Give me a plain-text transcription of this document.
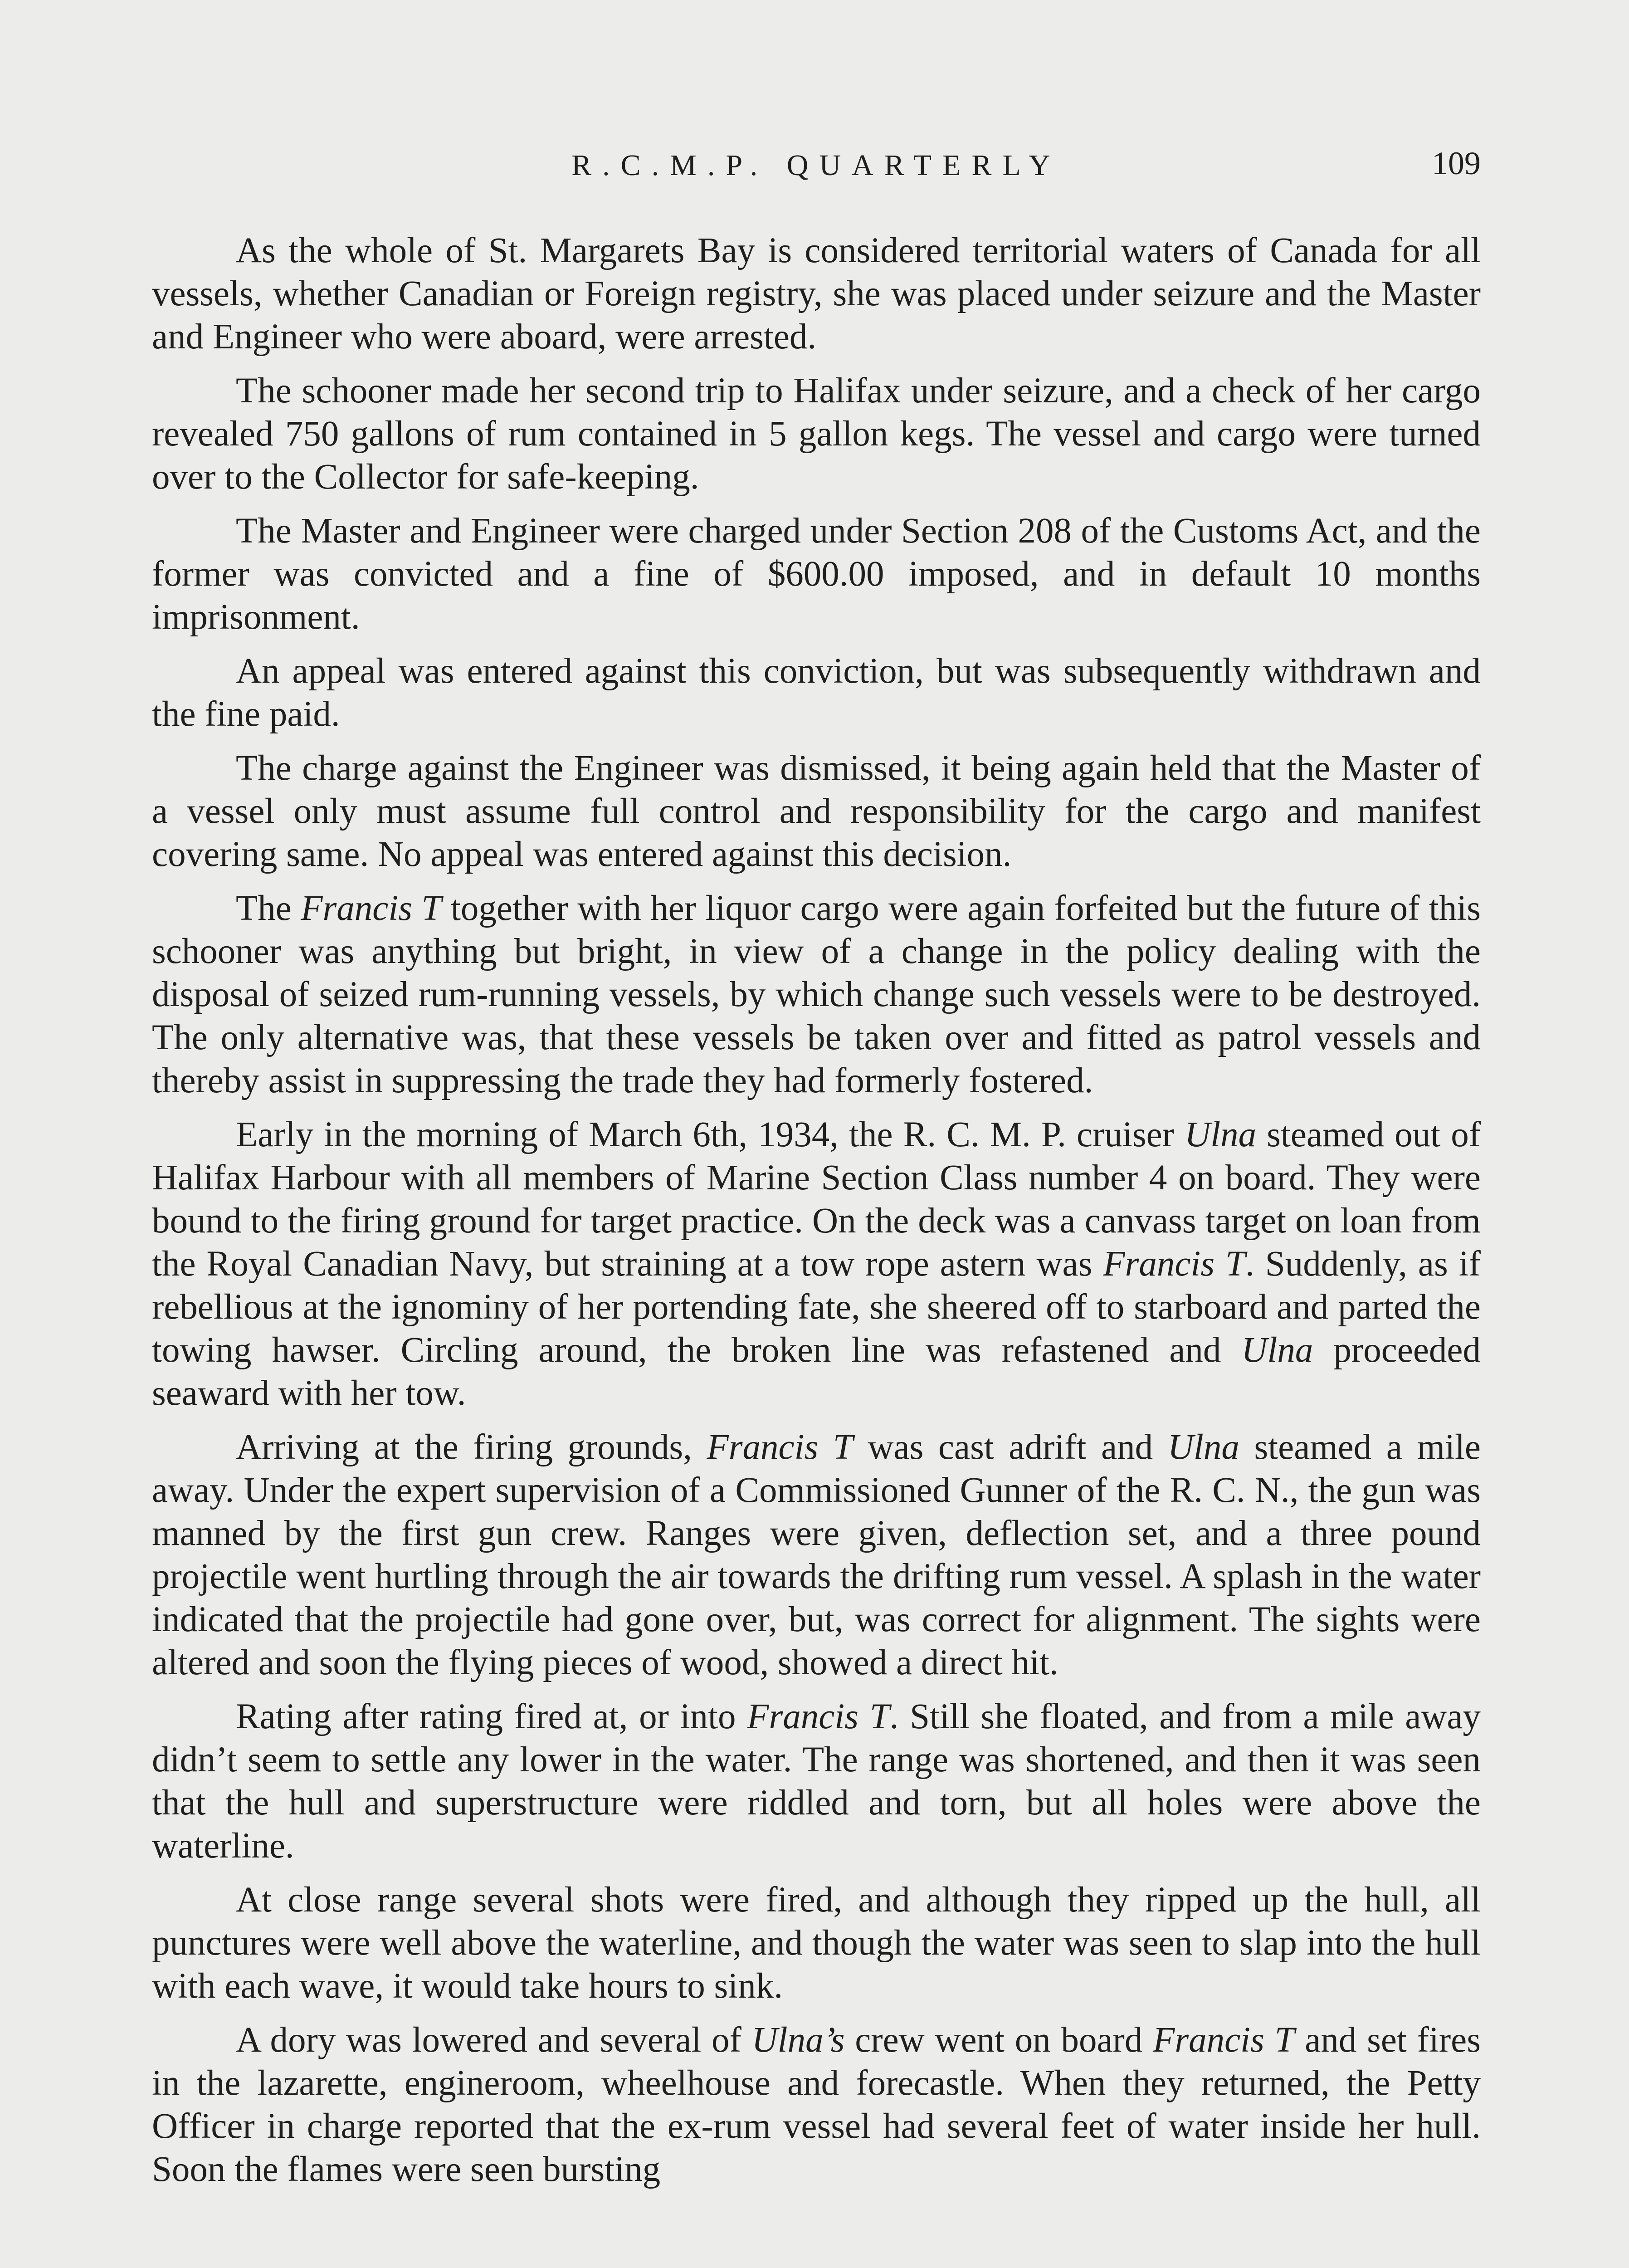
R.C.M.P. QUARTERLY	109

As the whole of St. Margarets Bay is considered territorial waters of Canada for all vessels, whether Canadian or Foreign registry, she was placed under seizure and the Master and Engineer who were aboard, were arrested.

The schooner made her second trip to Halifax under seizure, and a check of her cargo revealed 750 gallons of rum contained in 5 gallon kegs. The vessel and cargo were turned over to the Collector for safe-keeping.

The Master and Engineer were charged under Section 208 of the Customs Act, and the former was convicted and a fine of $600.00 imposed, and in default 10 months imprisonment.

An appeal was entered against this conviction, but was subsequently withdrawn and the fine paid.

The charge against the Engineer was dismissed, it being again held that the Master of a vessel only must assume full control and responsibility for the cargo and manifest covering same. No appeal was entered against this decision.

The Francis T together with her liquor cargo were again forfeited but the future of this schooner was anything but bright, in view of a change in the policy dealing with the disposal of seized rum-running vessels, by which change such vessels were to be destroyed. The only alternative was, that these vessels be taken over and fitted as patrol vessels and thereby assist in suppressing the trade they had formerly fostered.

Early in the morning of March 6th, 1934, the R. C. M. P. cruiser Ulna steamed out of Halifax Harbour with all members of Marine Section Class number 4 on board. They were bound to the firing ground for target practice. On the deck was a canvass target on loan from the Royal Canadian Navy, but straining at a tow rope astern was Francis T. Suddenly, as if rebellious at the ignominy of her portending fate, she sheered off to starboard and parted the towing hawser. Circling around, the broken line was refastened and Ulna proceeded seaward with her tow.

Arriving at the firing grounds, Francis T was cast adrift and Ulna steamed a mile away. Under the expert supervision of a Commissioned Gunner of the R. C. N., the gun was manned by the first gun crew. Ranges were given, deflection set, and a three pound projectile went hurtling through the air towards the drifting rum vessel. A splash in the water indicated that the projectile had gone over, but, was correct for alignment. The sights were altered and soon the flying pieces of wood, showed a direct hit.

Rating after rating fired at, or into Francis T. Still she floated, and from a mile away didn’t seem to settle any lower in the water. The range was shortened, and then it was seen that the hull and superstructure were riddled and torn, but all holes were above the waterline.

At close range several shots were fired, and although they ripped up the hull, all punctures were well above the waterline, and though the water was seen to slap into the hull with each wave, it would take hours to sink.

A dory was lowered and several of Ulna’s crew went on board Francis T and set fires in the lazarette, engineroom, wheelhouse and forecastle. When they returned, the Petty Officer in charge reported that the ex-rum vessel had several feet of water inside her hull. Soon the flames were seen bursting
